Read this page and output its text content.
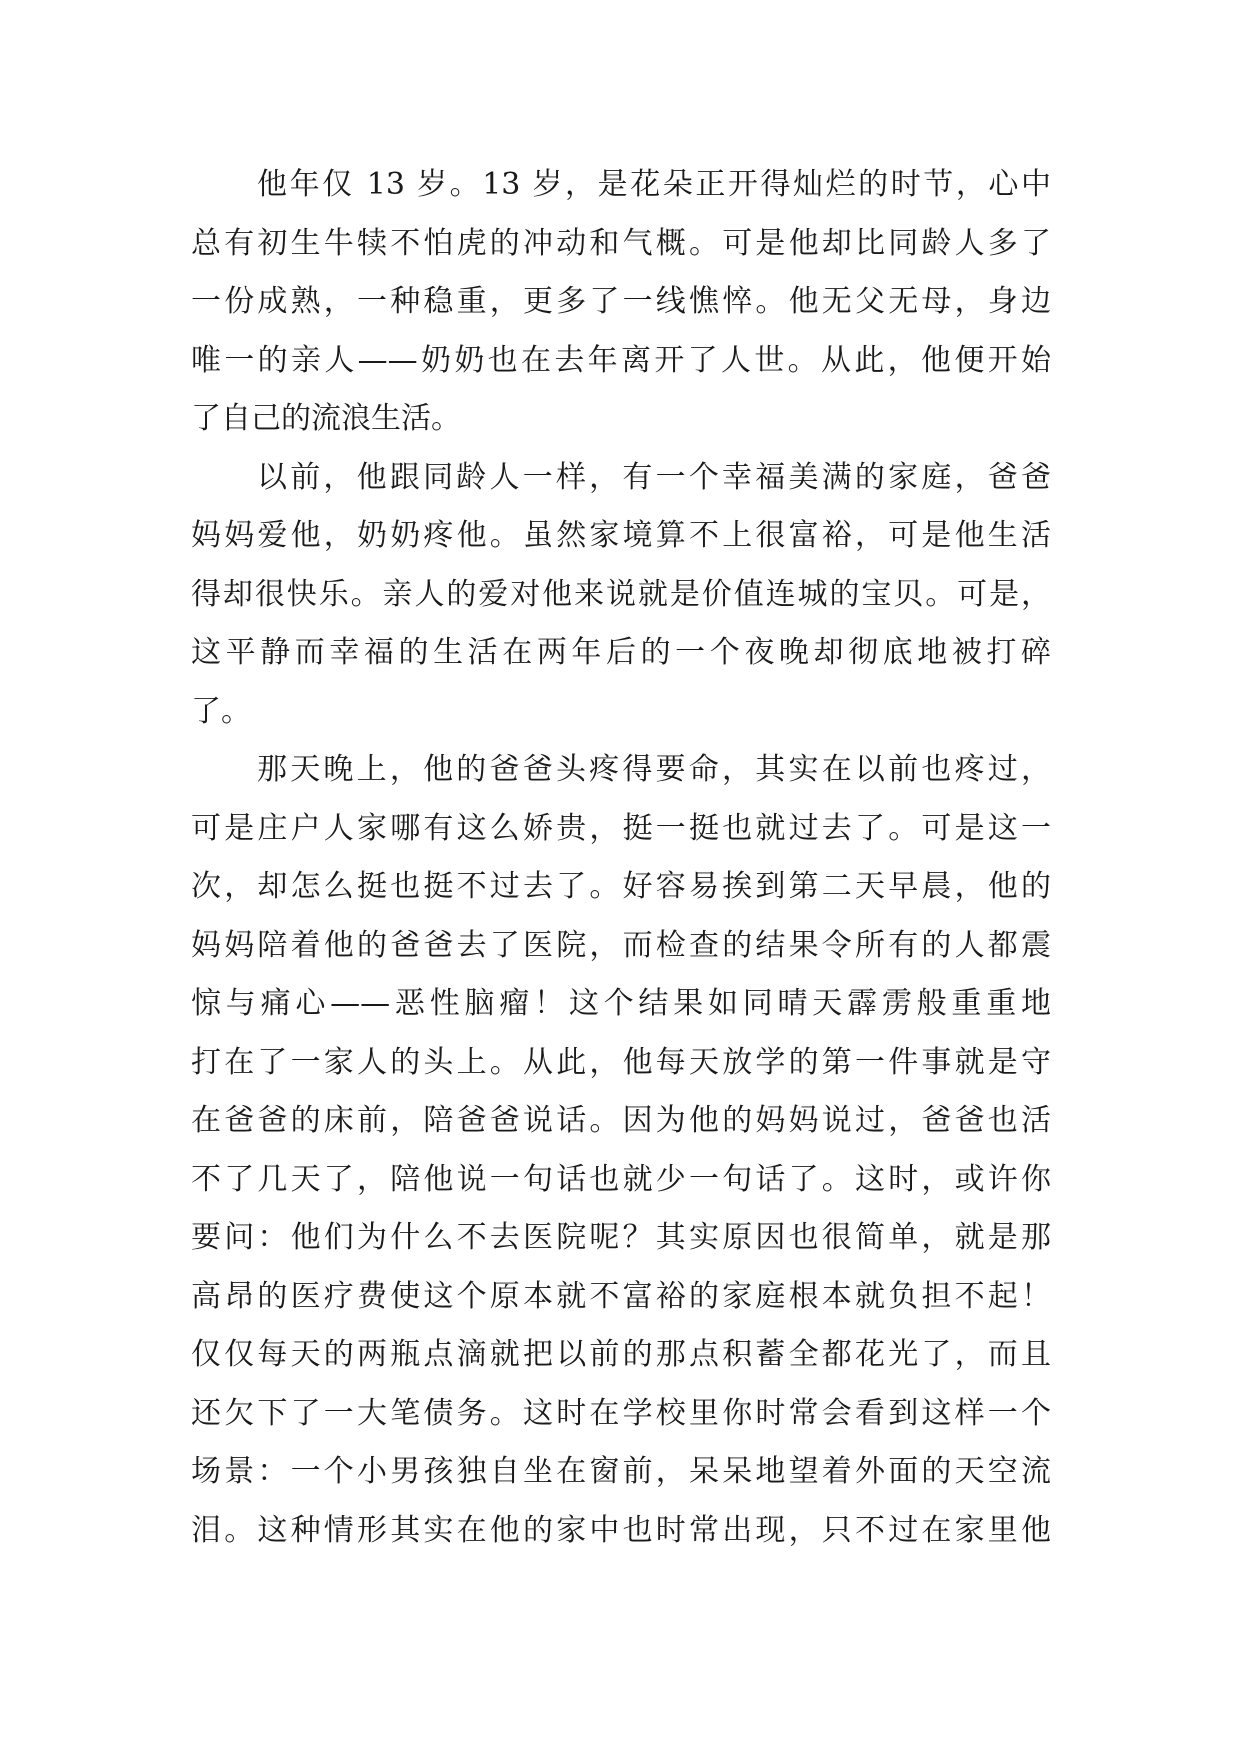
他年仅 13 岁。13 岁，是花朵正开得灿烂的时节，心中
总有初生牛犊不怕虎的冲动和气概。可是他却比同龄人多了
一份成熟，一种稳重，更多了一线憔悴。他无父无母，身边
唯一的亲人——奶奶也在去年离开了人世。从此，他便开始
了自己的流浪生活。
以前，他跟同龄人一样，有一个幸福美满的家庭，爸爸
妈妈爱他，奶奶疼他。虽然家境算不上很富裕，可是他生活
得却很快乐。亲人的爱对他来说就是价值连城的宝贝。可是，
这平静而幸福的生活在两年后的一个夜晚却彻底地被打碎
了。
那天晚上，他的爸爸头疼得要命，其实在以前也疼过，
可是庄户人家哪有这么娇贵，挺一挺也就过去了。可是这一
次，却怎么挺也挺不过去了。好容易挨到第二天早晨，他的
妈妈陪着他的爸爸去了医院，而检查的结果令所有的人都震
惊与痛心——恶性脑瘤！这个结果如同晴天霹雳般重重地
打在了一家人的头上。从此，他每天放学的第一件事就是守
在爸爸的床前，陪爸爸说话。因为他的妈妈说过，爸爸也活
不了几天了，陪他说一句话也就少一句话了。这时，或许你
要问：他们为什么不去医院呢？其实原因也很简单，就是那
高昂的医疗费使这个原本就不富裕的家庭根本就负担不起！
仅仅每天的两瓶点滴就把以前的那点积蓄全都花光了，而且
还欠下了一大笔债务。这时在学校里你时常会看到这样一个
场景：一个小男孩独自坐在窗前，呆呆地望着外面的天空流
泪。这种情形其实在他的家中也时常出现，只不过在家里他
